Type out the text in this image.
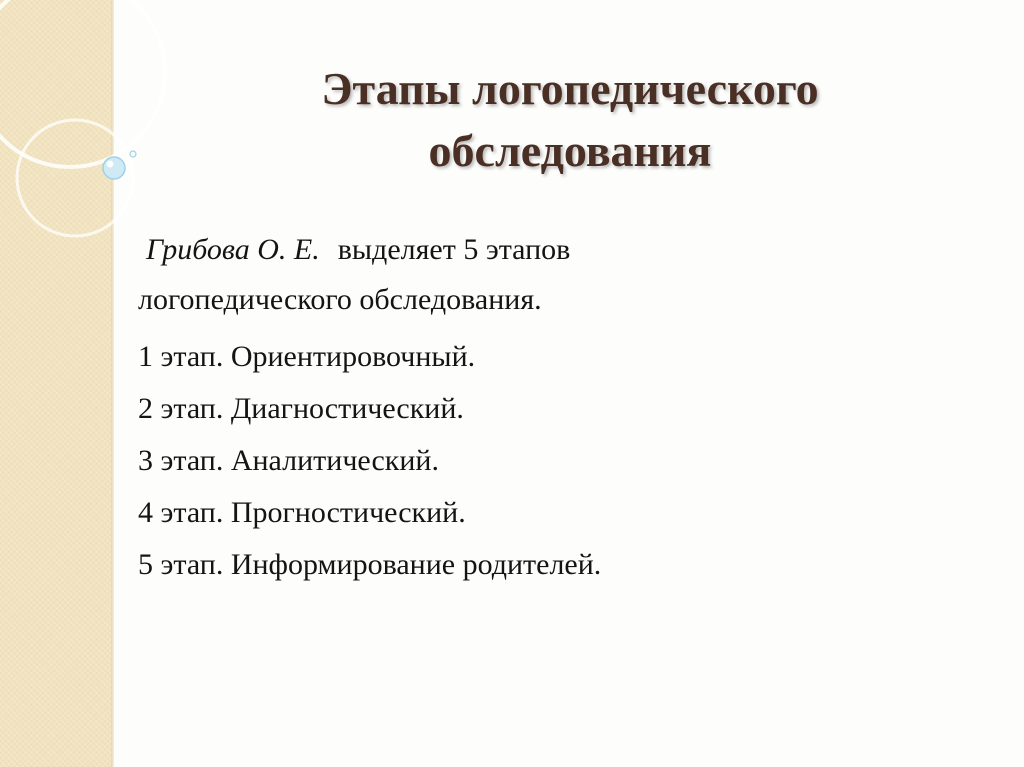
Этапы логопедического
обследования

Грибова О. Е. выделяет 5 этапов
логопедического обследования.

1 этап. Ориентировочный.

2 этап. Диагностический.

3 этап. Аналитический.

4 этап. Прогностический.

5 этап. Информирование родителей.
